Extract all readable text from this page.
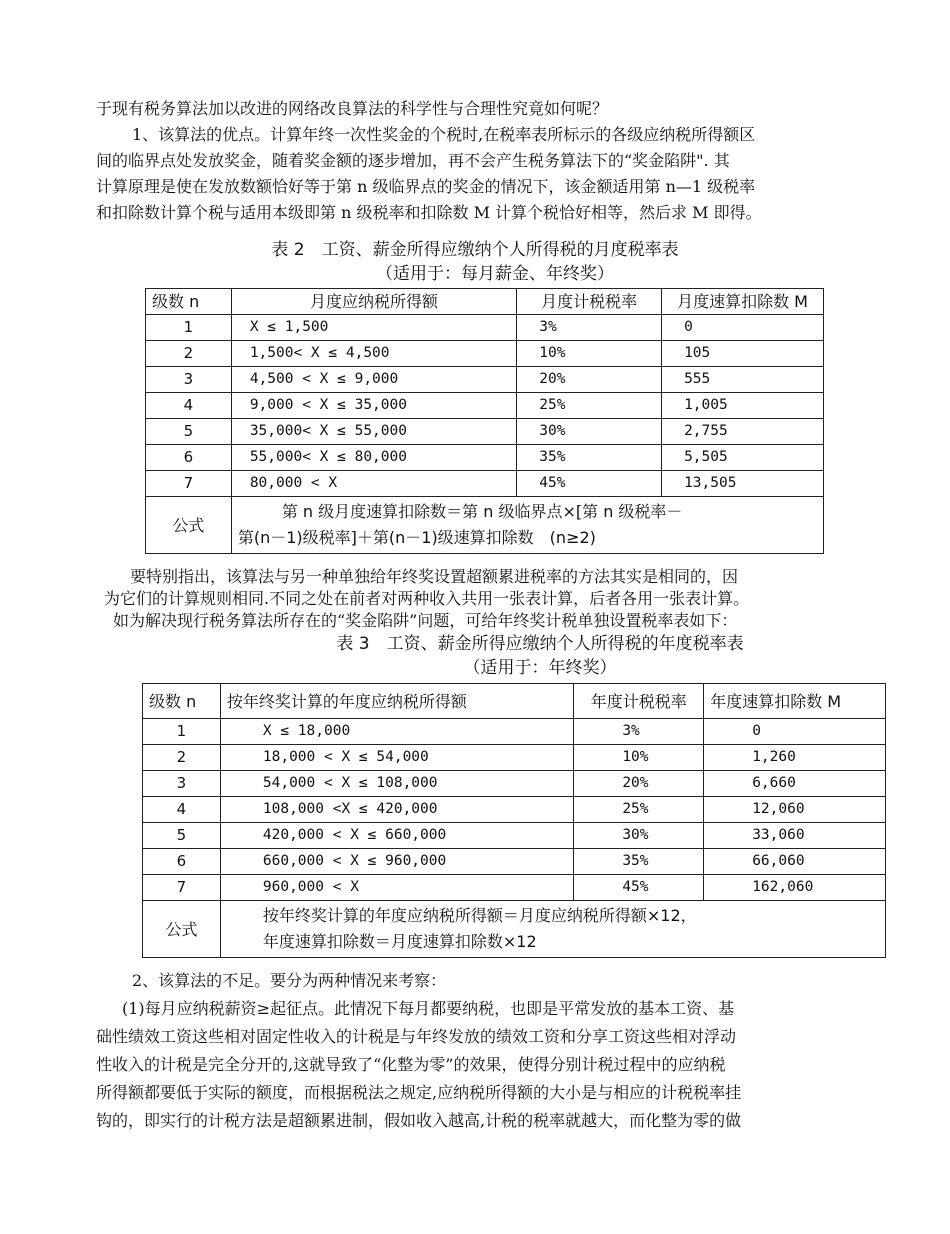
于现有税务算法加以改进的网络改良算法的科学性与合理性究竟如何呢？

1、该算法的优点。计算年终一次性奖金的个税时,在税率表所标示的各级应纳税所得额区

间的临界点处发放奖金，随着奖金额的逐步增加，再不会产生税务算法下的“奖金陷阱". 其

计算原理是使在发放数额恰好等于第 n 级临界点的奖金的情况下，该金额适用第 n—1 级税率

和扣除数计算个税与适用本级即第 n 级税率和扣除数 M 计算个税恰好相等，然后求 M 即得。

表 2　工资、薪金所得应缴纳个人所得税的月度税率表

（适用于：每月薪金、年终奖）

级数 n	月度应纳税所得额	月度计税税率	月度速算扣除数 M
1	X ≤ 1,500	3%	0
2	1,500< X ≤ 4,500	10%	105
3	4,500 < X ≤ 9,000	20%	555
4	9,000 < X ≤ 35,000	25%	1,005
5	35,000< X ≤ 55,000	30%	2,755
6	55,000< X ≤ 80,000	35%	5,505
7	80,000 < X	45%	13,505
公式	第 n 级月度速算扣除数＝第 n 级临界点×[第 n 级税率－
第(n－1)级税率]＋第(n－1)级速算扣除数　(n≥2)		

要特别指出，该算法与另一种单独给年终奖设置超额累进税率的方法其实是相同的，因

为它们的计算规则相同.不同之处在前者对两种收入共用一张表计算，后者各用一张表计算。

如为解决现行税务算法所存在的“奖金陷阱”问题，可给年终奖计税单独设置税率表如下：

表 3　工资、薪金所得应缴纳个人所得税的年度税率表

（适用于：年终奖）

级数 n	按年终奖计算的年度应纳税所得额	年度计税税率	年度速算扣除数 M
1	X ≤ 18,000	3%	0
2	18,000 < X ≤ 54,000	10%	1,260
3	54,000 < X ≤ 108,000	20%	6,660
4	108,000 <X ≤ 420,000	25%	12,060
5	420,000 < X ≤ 660,000	30%	33,060
6	660,000 < X ≤ 960,000	35%	66,060
7	960,000 < X	45%	162,060
公式	按年终奖计算的年度应纳税所得额＝月度应纳税所得额×12，
年度速算扣除数＝月度速算扣除数×12		

2、该算法的不足。要分为两种情况来考察：

(1)每月应纳税薪资≥起征点。此情况下每月都要纳税，也即是平常发放的基本工资、基

础性绩效工资这些相对固定性收入的计税是与年终发放的绩效工资和分享工资这些相对浮动

性收入的计税是完全分开的,这就导致了“化整为零”的效果，使得分别计税过程中的应纳税

所得额都要低于实际的额度，而根据税法之规定,应纳税所得额的大小是与相应的计税税率挂

钩的，即实行的计税方法是超额累进制，假如收入越高,计税的税率就越大，而化整为零的做
